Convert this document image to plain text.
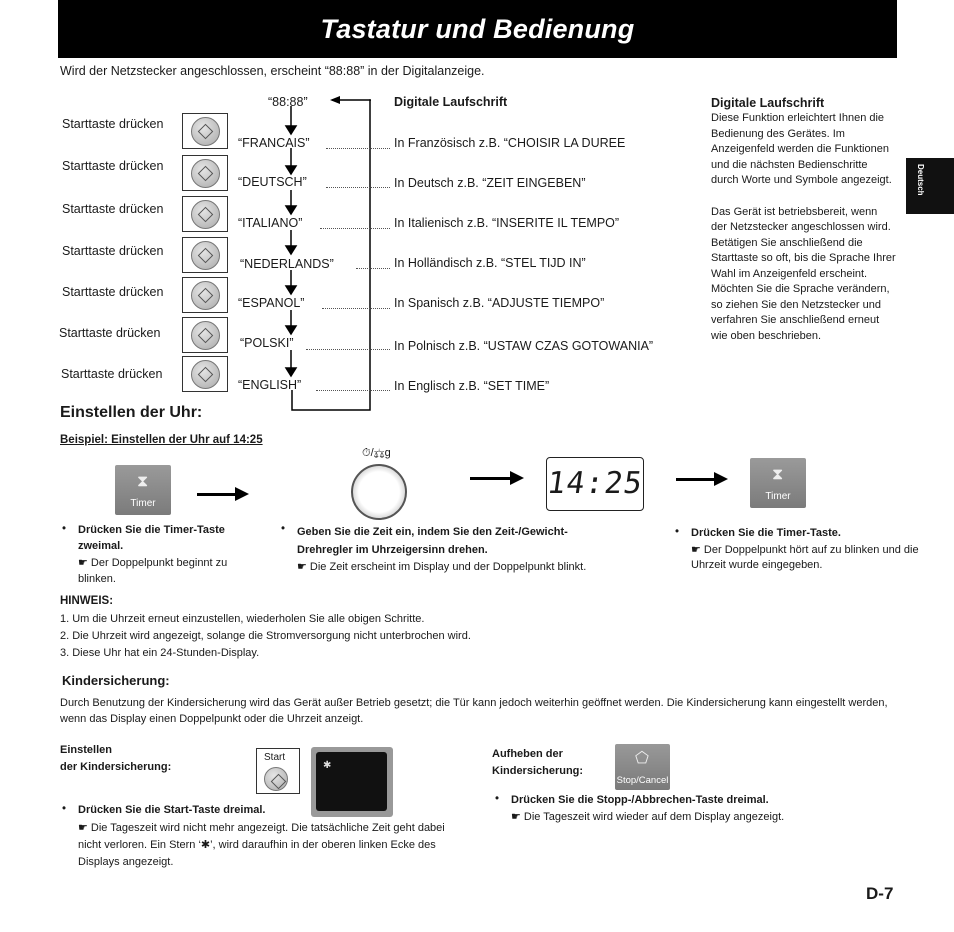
Tastatur und Bedienung
Deutsch
Wird der Netzstecker angeschlossen, erscheint “88:88” in der Digitalanzeige.
“88:88”	Digitale Laufschrift
Starttaste drücken
“FRANCAIS”	In Französisch z.B. “CHOISIR LA DUREE
Starttaste drücken
“DEUTSCH”	In Deutsch z.B. “ZEIT EINGEBEN”
Starttaste drücken
“ITALIANO”	In Italienisch z.B. “INSERITE IL TEMPO”
Starttaste drücken
“NEDERLANDS”	In Holländisch z.B. “STEL TIJD IN”
Starttaste drücken
“ESPANOL”	In Spanisch z.B. “ADJUSTE TIEMPO”
Starttaste drücken
“POLSKI”	In Polnisch z.B. “USTAW CZAS GOTOWANIA”
Starttaste drücken
“ENGLISH”	In Englisch z.B. “SET TIME”
Digitale Laufschrift
Diese Funktion erleichtert Ihnen die Bedienung des Gerätes. Im Anzeigenfeld werden die Funktionen und die nächsten Bedienschritte durch Worte und Symbole angezeigt.
Das Gerät ist betriebsbereit, wenn der Netzstecker angeschlossen wird. Betätigen Sie anschließend die Starttaste so oft, bis die Sprache Ihrer Wahl im Anzeigenfeld erscheint. Möchten Sie die Sprache verändern, so ziehen Sie den Netzstecker und verfahren Sie anschließend erneut wie oben beschrieben.
Einstellen der Uhr:
Beispiel: Einstellen der Uhr auf 14:25
⧗
Timer
⏱/⚖g
14:25	⧗
Timer
• Drücken Sie die Timer-Taste zweimal.
☛ Der Doppelpunkt beginnt zu blinken.
• Geben Sie die Zeit ein, indem Sie den Zeit-/Gewicht-Drehregler im Uhrzeigersinn drehen.
☛ Die Zeit erscheint im Display und der Doppelpunkt blinkt.
• Drücken Sie die Timer-Taste.
☛ Der Doppelpunkt hört auf zu blinken und die Uhrzeit wurde eingegeben.
HINWEIS:
1. Um die Uhrzeit erneut einzustellen, wiederholen Sie alle obigen Schritte.
2. Die Uhrzeit wird angezeigt, solange die Stromversorgung nicht unterbrochen wird.
3. Diese Uhr hat ein 24-Stunden-Display.
Kindersicherung:
Durch Benutzung der Kindersicherung wird das Gerät außer Betrieb gesetzt; die Tür kann jedoch weiterhin geöffnet werden. Die Kindersicherung kann eingestellt werden, wenn das Display einen Doppelpunkt oder die Uhrzeit anzeigt.
Einstellen
der Kindersicherung:
Start
✱
• Drücken Sie die Start-Taste dreimal.
☛ Die Tageszeit wird nicht mehr angezeigt. Die tatsächliche Zeit geht dabei nicht verloren. Ein Stern ‘✱’, wird daraufhin in der oberen linken Ecke des Displays angezeigt.
Aufheben der
Kindersicherung:
⬠
Stop/Cancel
• Drücken Sie die Stopp-/Abbrechen-Taste dreimal.
☛ Die Tageszeit wird wieder auf dem Display angezeigt.
D-7
